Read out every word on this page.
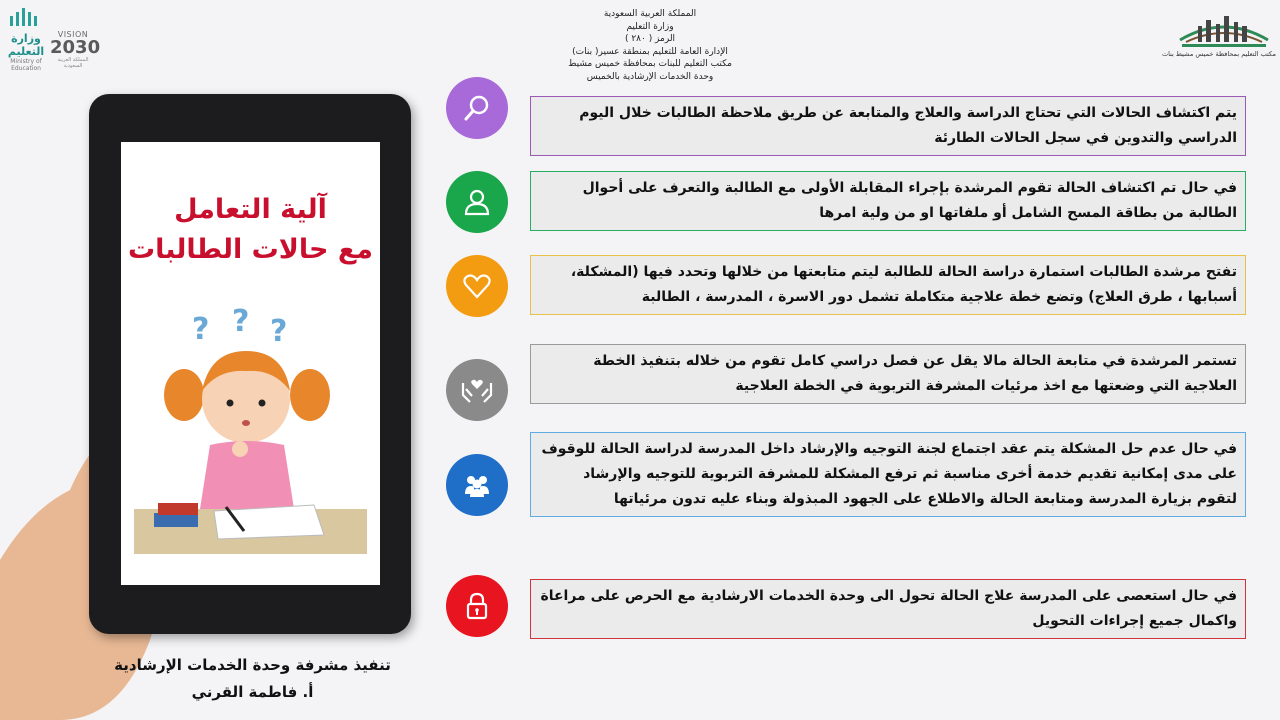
وزارة التعليم
Ministry of Education
VISION
2030
المملكة العربية السعودية
المملكة العربية السعودية
وزارة التعليم
الرمز ( ٢٨٠ )
الإدارة العامة للتعليم بمنطقة عسير( بنات)
مكتب التعليم للبنات بمحافظة خميس مشيط
وحدة الخدمات الإرشادية بالخميس
مكتب التعليم بمحافظة خميس مشيط بنات
آلية التعامل
مع حالات الطالبات
? ? ?
تنفيذ مشرفة وحدة الخدمات الإرشادية
أ. فاطمة القرني
يتم اكتشاف الحالات التي تحتاج الدراسة والعلاج والمتابعة عن طريق ملاحظة الطالبات خلال اليوم الدراسي والتدوين في سجل الحالات الطارئة
في حال تم اكتشاف الحالة تقوم المرشدة بإجراء المقابلة الأولى مع الطالبة والتعرف على أحوال الطالبة من بطاقة المسح الشامل أو ملفاتها او من ولية امرها
تفتح مرشدة الطالبات استمارة دراسة الحالة للطالبة ليتم متابعتها من خلالها وتحدد فيها (المشكلة، أسبابها ، طرق العلاج) وتضع خطة علاجية متكاملة تشمل دور الاسرة ، المدرسة ، الطالبة
تستمر المرشدة في متابعة الحالة مالا يقل عن فصل دراسي كامل تقوم من خلاله بتنفيذ الخطة العلاجية التي وضعتها مع اخذ مرئيات المشرفة التربوية في الخطة العلاجية
في حال عدم حل المشكلة يتم عقد اجتماع لجنة التوجيه والإرشاد داخل المدرسة لدراسة الحالة للوقوف على مدى إمكانية تقديم خدمة أخرى مناسبة ثم ترفع المشكلة للمشرفة التربوية للتوجيه والإرشاد لتقوم بزيارة المدرسة ومتابعة الحالة والاطلاع على الجهود المبذولة وبناء عليه تدون مرئياتها
في حال استعصى على المدرسة علاج الحالة تحول الى وحدة الخدمات الارشادية مع الحرص على مراعاة واكمال جميع إجراءات التحويل
